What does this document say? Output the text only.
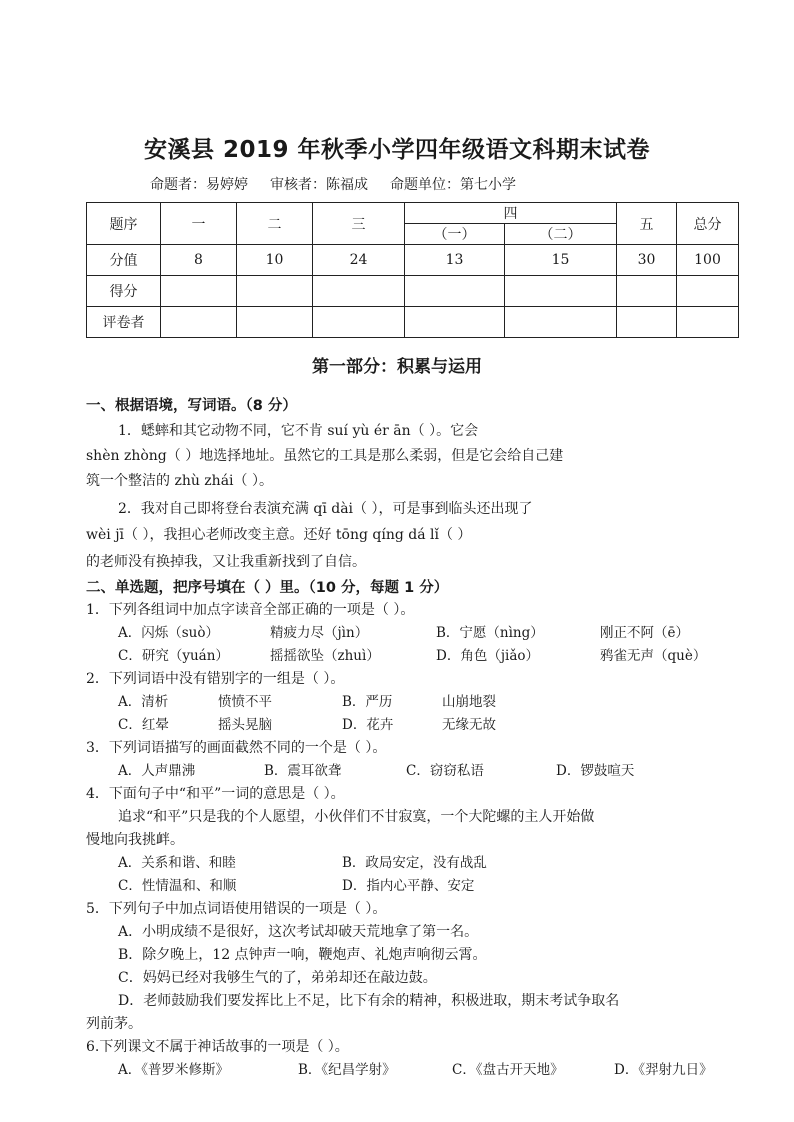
安溪县 2019 年秋季小学四年级语文科期末试卷
命题者：易婷婷 审核者：陈福成 命题单位：第七小学
题序	一	二	三	四		五	总分
				（一）	（二）		
分值	8	10	24	13	15	30	100
得分							
评卷者							
第一部分：积累与运用
一、根据语境，写词语。（8 分）
1．蟋蟀和其它动物不同，它不肯 suí yù ér ān（ ）。它会
shèn zhòng（ ）地选择地址。虽然它的工具是那么柔弱，但是它会给自己建
筑一个整洁的 zhù zhái（ ）。
2．我对自己即将登台表演充满 qī dài（ ），可是事到临头还出现了
wèi jī（ ），我担心老师改变主意。还好 tōng qíng dá lǐ（ ）
的老师没有换掉我，又让我重新找到了自信。
二、单选题，把序号填在（ ）里。（10 分，每题 1 分）
1．下列各组词中加点字读音全部正确的一项是（ ）。
A．闪烁（suò）	精疲力尽（jìn）	B．宁愿（nìng）	刚正不阿（ē）
C．研究（yuán）	摇摇欲坠（zhuì）	D．角色（jiǎo）	鸦雀无声（què）
2．下列词语中没有错别字的一组是（ ）。
A．清析	愤愤不平	B．严历	山崩地裂
C．红晕	摇头晃脑	D．花卉	无缘无故
3．下列词语描写的画面截然不同的一个是（ ）。
A．人声鼎沸	B．震耳欲聋	C．窃窃私语	D．锣鼓喧天
4．下面句子中“和平”一词的意思是（ ）。
追求“和平”只是我的个人愿望，小伙伴们不甘寂寞，一个大陀螺的主人开始做
慢地向我挑衅。
A．关系和谐、和睦	B．政局安定，没有战乱
C．性情温和、和顺	D．指内心平静、安定
5．下列句子中加点词语使用错误的一项是（ ）。
A．小明成绩不是很好，这次考试却破天荒地拿了第一名。
B．除夕晚上，12 点钟声一响，鞭炮声、礼炮声响彻云霄。
C．妈妈已经对我够生气的了，弟弟却还在敲边鼓。
D．老师鼓励我们要发挥比上不足，比下有余的精神，积极进取，期末考试争取名
列前茅。
6.下列课文不属于神话故事的一项是（ ）。
A．《普罗米修斯》	B．《纪昌学射》	C．《盘古开天地》	D．《羿射九日》
